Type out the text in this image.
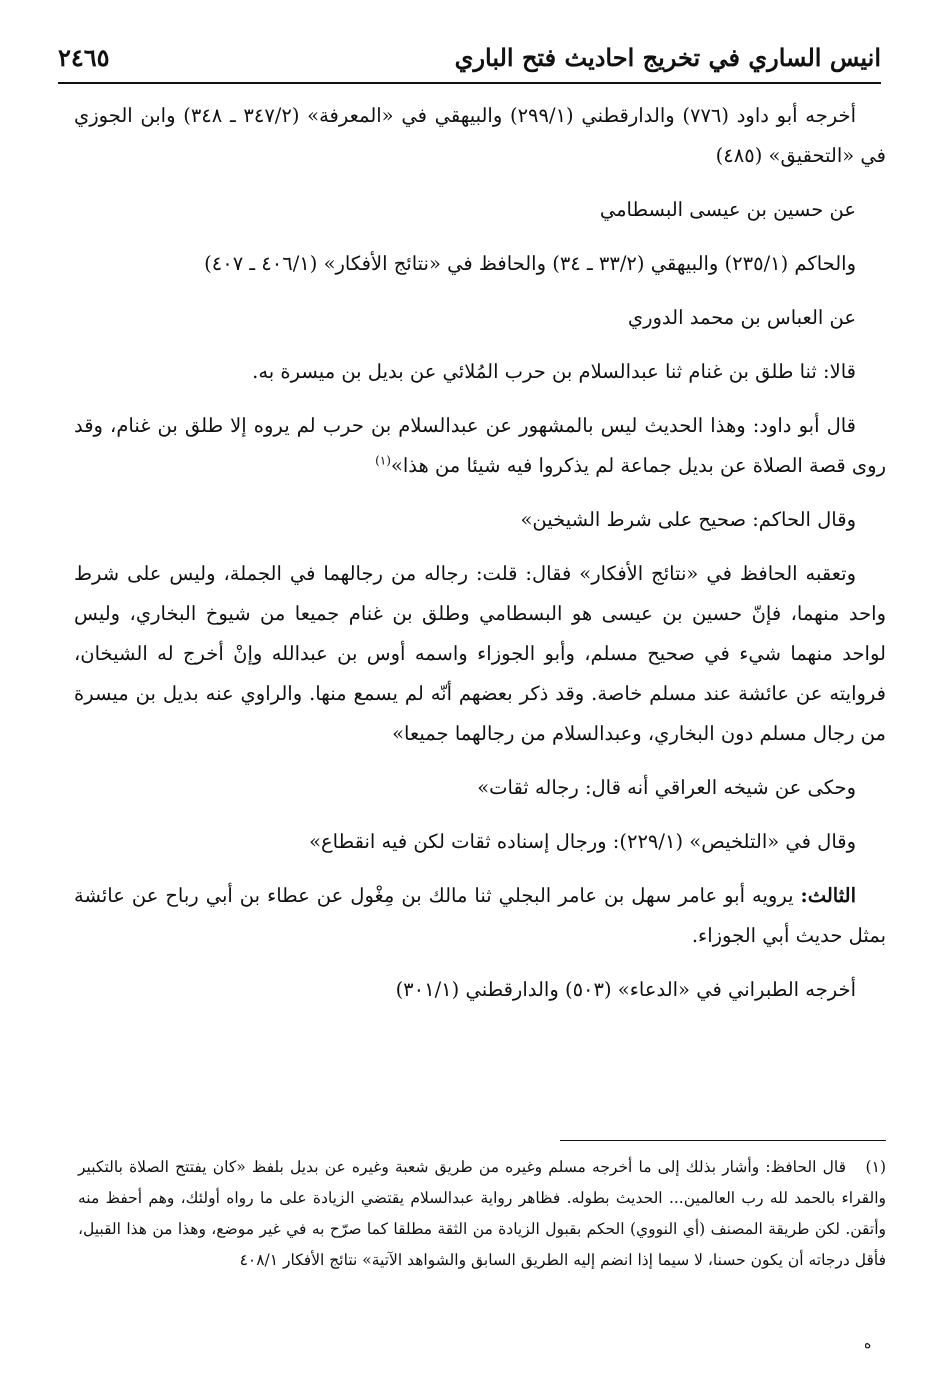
انيس الساري في تخريج احاديث فتح الباري
٢٤٦٥

أخرجه أبو داود (٧٧٦) والدارقطني (٢٩٩/١) والبيهقي في «المعرفة» (٣٤٧/٢ ـ ٣٤٨) وابن الجوزي في «التحقيق» (٤٨٥)

عن حسين بن عيسى البسطامي

والحاكم (٢٣٥/١) والبيهقي (٣٣/٢ ـ ٣٤) والحافظ في «نتائج الأفكار» (٤٠٦/١ ـ ٤٠٧)

عن العباس بن محمد الدوري

قالا: ثنا طلق بن غنام ثنا عبدالسلام بن حرب المُلائي عن بديل بن ميسرة به.

قال أبو داود: وهذا الحديث ليس بالمشهور عن عبدالسلام بن حرب لم يروه إلا طلق بن غنام، وقد روى قصة الصلاة عن بديل جماعة لم يذكروا فيه شيئا من هذا»$^{(١)}$

وقال الحاكم: صحيح على شرط الشيخين»

وتعقبه الحافظ في «نتائج الأفكار» فقال: قلت: رجاله من رجالهما في الجملة، وليس على شرط واحد منهما، فإنّ حسين بن عيسى هو البسطامي وطلق بن غنام جميعا من شيوخ البخاري، وليس لواحد منهما شيء في صحيح مسلم، وأبو الجوزاء واسمه أوس بن عبدالله وإنْ أخرج له الشيخان، فروايته عن عائشة عند مسلم خاصة. وقد ذكر بعضهم أنّه لم يسمع منها. والراوي عنه بديل بن ميسرة من رجال مسلم دون البخاري، وعبدالسلام من رجالهما جميعا»

وحكى عن شيخه العراقي أنه قال: رجاله ثقات»

وقال في «التلخيص» (٢٢٩/١): ورجال إسناده ثقات لكن فيه انقطاع»

الثالث: يرويه أبو عامر سهل بن عامر البجلي ثنا مالك بن مِغْول عن عطاء بن أبي رباح عن عائشة بمثل حديث أبي الجوزاء.

أخرجه الطبراني في «الدعاء» (٥٠٣) والدارقطني (٣٠١/١)

(١)قال الحافظ: وأشار بذلك إلى ما أخرجه مسلم وغيره من طريق شعبة وغيره عن بديل بلفظ «كان يفتتح الصلاة بالتكبير والقراء بالحمد لله رب العالمين... الحديث بطوله. فظاهر رواية عبدالسلام يقتضي الزيادة على ما رواه أولئك، وهم أحفظ منه وأتقن. لكن طريقة المصنف (أي النووي) الحكم بقبول الزيادة من الثقة مطلقا كما صرّح به في غير موضع، وهذا من هذا القبيل، فأقل درجاته أن يكون حسنا، لا سيما إذا انضم إليه الطريق السابق والشواهد الآتية» نتائج الأفكار ٤٠٨/١
ه
